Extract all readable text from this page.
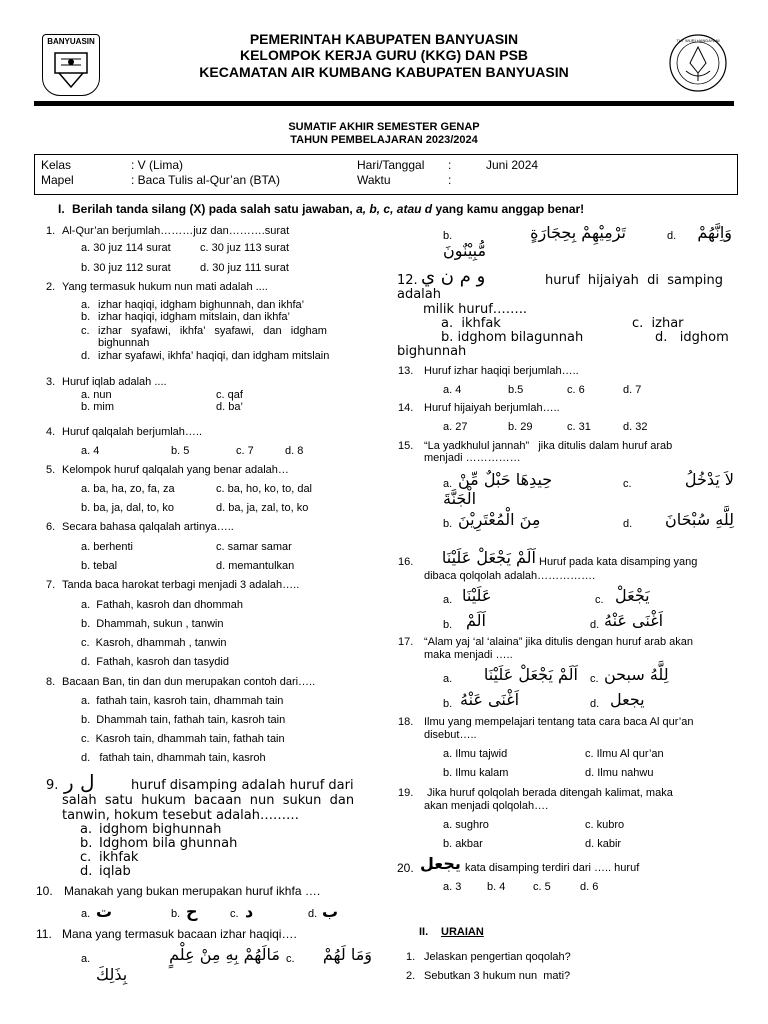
BANYUASIN	PEMERINTAH KABUPATEN BANYUASIN
KELOMPOK KERJA GURU (KKG) DAN PSB
KECAMATAN AIR KUMBANG KABUPATEN BANYUASIN
TUT WURI HANDAYANI
SUMATIF AKHIR SEMESTER GENAP
TAHUN PEMBELAJARAN 2023/2024
Kelas	: V (Lima)
Mapel	: Baca Tulis al-Qur’an (BTA)
Hari/Tanggal :	Juni 2024
Waktu	:
I. Berilah tanda silang (X) pada salah satu jawaban, a, b, c, atau d yang kamu anggap benar!
1. Al-Qur’an berjumlah………juz dan……….surat
a. 30 juz 114 surat	c. 30 juz 113 surat
b. 30 juz 112 surat	d. 30 juz 111 surat
2. Yang termasuk hukum nun mati adalah ....
a. izhar haqiqi, idgham bighunnah, dan ikhfa’
b. izhar haqiqi, idgham mitslain, dan ikhfa’
c. izhar   syafawi,   ikhfa’   syafawi,   dan   idgham
bighunnah
d. izhar syafawi, ikhfa’ haqiqi, dan idgham mitslain
3. Huruf iqlab adalah ....
a. nun	c. qaf
b. mim	d. ba’
4. Huruf qalqalah berjumlah…..
a. 4	b. 5	c. 7	d. 8
5. Kelompok huruf qalqalah yang benar adalah…
a. ba, ha, zo, fa, za	c. ba, ho, ko, to, dal
b. ba, ja, dal, to, ko	d. ba, ja, zal, to, ko
6. Secara bahasa qalqalah artinya…..
a. berhenti	c. samar samar
b. tebal	d. memantulkan
7. Tanda baca harokat terbagi menjadi 3 adalah…..
a.  Fathah, kasroh dan dhommah
b.  Dhammah, sukun , tanwin
c.  Kasroh, dhammah , tanwin
d.  Fathah, kasroh dan tasydid
8. Bacaan Ban, tin dan dun merupakan contoh dari…..
a.  fathah tain, kasroh tain, dhammah tain
b.  Dhammah tain, fathah tain, kasroh tain
c.  Kasroh tain, dhammah tain, fathah tain
d.   fathah tain, dhammah tain, kasroh
9. ل ر	huruf disamping adalah huruf dari
salah  satu  hukum  bacaan  nun  sukun  dan
tanwin, hokum tesebut adalah………
a. idghom bighunnah
b. Idghom bila ghunnah
c. ikhfak
d. iqlab
10. Manakah yang bukan merupakan huruf ikhfa ….
a. ت	b. ح	c. د	d. ب
11. Mana yang termasuk bacaan izhar haqiqi….
a.	مَالَهُمْ بِهِ مِنْ عِلْمٍ
بِذَلِكَ
c.	وَمَا لَهُمْ
b.	تَرْمِيْهِمْ بِحِجَارَةٍ
مُّبِيْنٌونَ
d.	وَاِنَّهُمْ
12. و م ن ي	huruf  hijaiyah  di  samping
adalah
milik huruf……..
a.  ikhfak	c.  izhar
b. idghom bilagunnah	d.   idghom
bighunnah
13. Huruf izhar haqiqi berjumlah…..
a. 4	b.5	c. 6	d. 7
14. Huruf hijaiyah berjumlah…..
a. 27	b. 29	c. 31	d. 32
15. “La yadkhulul jannah”   jika ditulis dalam huruf arab
menjadi ……………
a.	حِيدِهَا حَبْلٌ مِّنْ	c.	لاَ يَدْخُلُ
الْجَنَّةَ
b. مِنَ الْمُعْتَرِيْنَ	d.	لِلَّهِ سُبْحَانَ
16.	اَلَمْ يَجْعَلْ عَلَيْنَا Huruf pada kata disamping yang
dibaca qolqolah adalah…………….
a. عَلَيْنَا	c. يَجْعَلْ
b. اَلَمْ	d. اَغْنَى عَنْهُ
17. “Alam yaj ‘al ‘alaina” jika ditulis dengan huruf arab akan
maka menjadi …..
a.	اَلَمْ يَجْعَلْ عَلَيْنَا c. لِلَّهُ سبحن
b. اَغْنَى عَنْهُ	d. يجعل
18. Ilmu yang mempelajari tentang tata cara baca Al qur’an
disebut…..
a. Ilmu tajwid	c. Ilmu Al qur’an
b. Ilmu kalam	d. Ilmu nahwu
19. Jika huruf qolqolah berada ditengah kalimat, maka
akan menjadi qolqolah….
a. sughro	c. kubro
b. akbar	d. kabir
20. يجعل kata disamping terdiri dari ….. huruf
a. 3 b. 4	c. 5	d. 6
II. URAIAN
1. Jelaskan pengertian qoqolah?
2. Sebutkan 3 hukum nun  mati?
